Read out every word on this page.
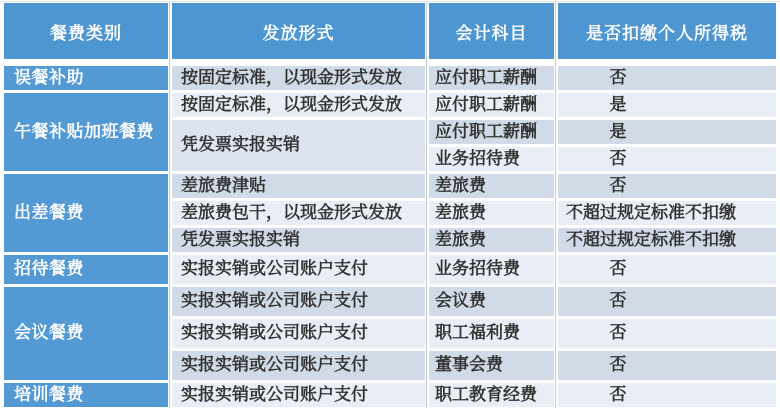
餐费类别	发放形式	会计科目	是否扣缴个人所得税
误餐补助	按固定标准，以现金形式发放	应付职工薪酬	否
午餐补贴加班餐费	按固定标准，以现金形式发放	应付职工薪酬	是
	凭发票实报实销	应付职工薪酬	是
		业务招待费	否
出差餐费	差旅费津贴	差旅费	否
	差旅费包干，以现金形式发放	差旅费	不超过规定标准不扣缴
	凭发票实报实销	差旅费	不超过规定标准不扣缴
招待餐费	实报实销或公司账户支付	业务招待费	否
会议餐费	实报实销或公司账户支付	会议费	否
	实报实销或公司账户支付	职工福利费	否
	实报实销或公司账户支付	董事会费	否
培训餐费	实报实销或公司账户支付	职工教育经费	否
